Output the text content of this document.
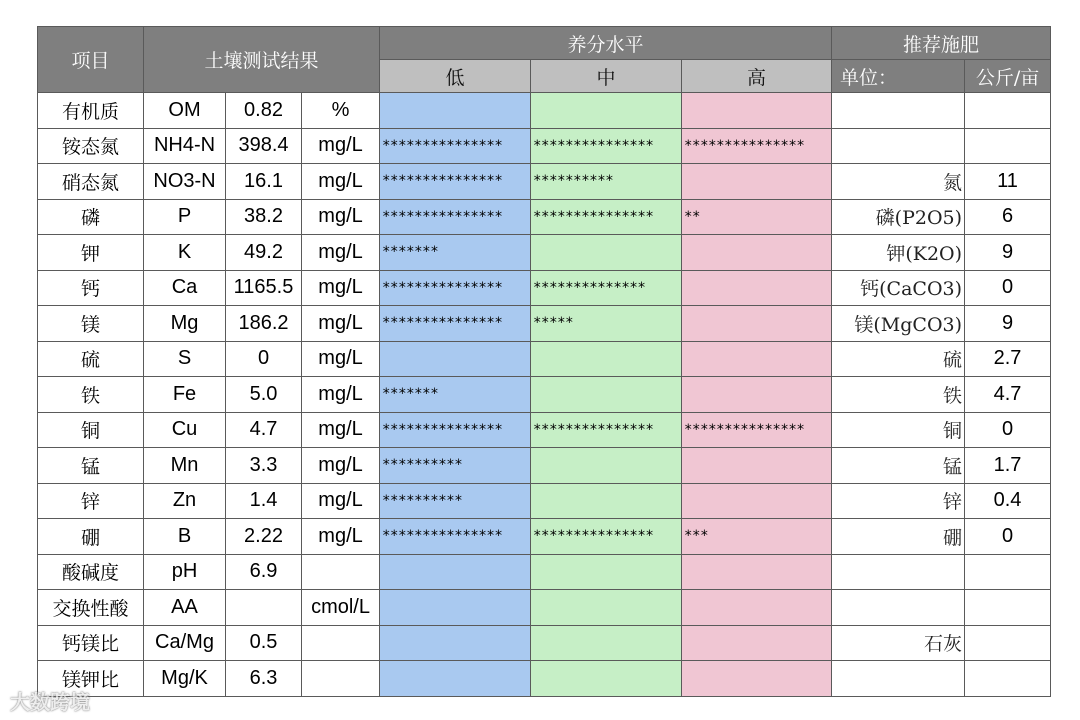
项目	土壤测试结果			养分水平			推荐施肥	
				低	中	高	单位：	公斤/亩
有机质	OM	0.82	%					
铵态氮	NH4-N	398.4	mg/L	***************	***************	***************		
硝态氮	NO3-N	16.1	mg/L	***************	**********		氮	11
磷	P	38.2	mg/L	***************	***************	**	磷(P2O5)	6
钾	K	49.2	mg/L	*******			钾(K2O)	9
钙	Ca	1165.5	mg/L	***************	**************		钙(CaCO3)	0
镁	Mg	186.2	mg/L	***************	*****		镁(MgCO3)	9
硫	S	0	mg/L				硫	2.7
铁	Fe	5.0	mg/L	*******			铁	4.7
铜	Cu	4.7	mg/L	***************	***************	***************	铜	0
锰	Mn	3.3	mg/L	**********			锰	1.7
锌	Zn	1.4	mg/L	**********			锌	0.4
硼	B	2.22	mg/L	***************	***************	***	硼	0
酸碱度	pH	6.9						
交换性酸	AA		cmol/L					
钙镁比	Ca/Mg	0.5					石灰	
镁钾比	Mg/K	6.3						
大数跨境
